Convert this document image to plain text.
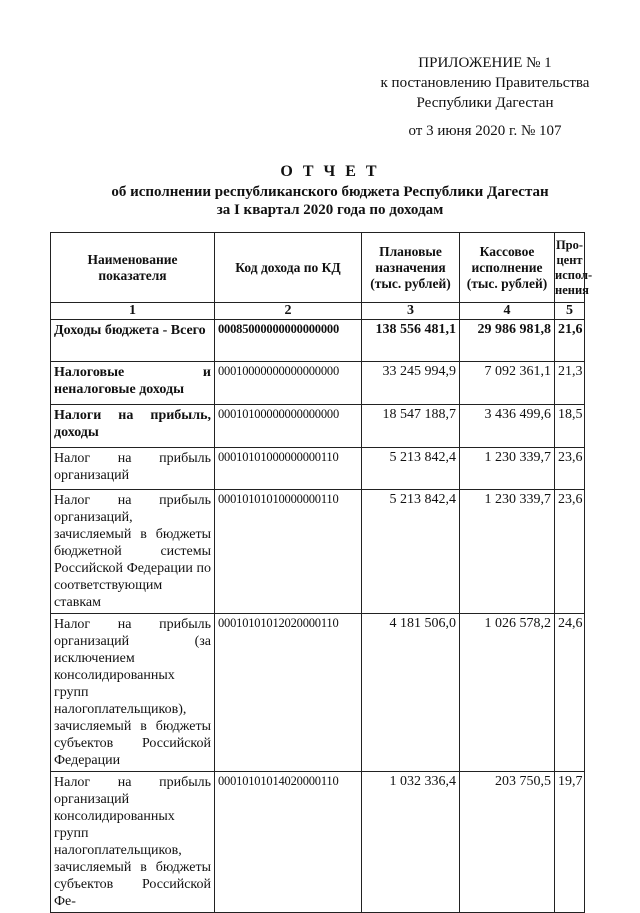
ПРИЛОЖЕНИЕ № 1
к постановлению Правительства
Республики Дагестан
от 3 июня 2020 г. № 107
О Т Ч Е Т
об исполнении республиканского бюджета Республики Дагестан
за I квартал 2020 года по доходам
Наименование показателя	Код дохода по КД	Плановые назначения (тыс. рублей)	Кассовое исполнение (тыс. рублей)	Про-цент испол-нения
1	2	3	4	5
Доходы бюджета - Всего	00085000000000000000	138 556 481,1	29 986 981,8	21,6
Налоговые и неналоговые доходы	00010000000000000000	33 245 994,9	7 092 361,1	21,3
Налоги на прибыль, доходы	00010100000000000000	18 547 188,7	3 436 499,6	18,5
Налог на прибыль организаций	00010101000000000110	5 213 842,4	1 230 339,7	23,6
Налог на прибыль организаций, зачисляемый в бюджеты бюджетной системы Российской Федерации по соответствующим ставкам	00010101010000000110	5 213 842,4	1 230 339,7	23,6
Налог на прибыль организаций (за исключением консолидированных групп налогоплательщиков), зачисляемый в бюджеты субъектов Российской Федерации	00010101012020000110	4 181 506,0	1 026 578,2	24,6
Налог на прибыль организаций консолидированных групп налогоплательщиков, зачисляемый в бюджеты субъектов Российской Фе-	00010101014020000110	1 032 336,4	203 750,5	19,7
